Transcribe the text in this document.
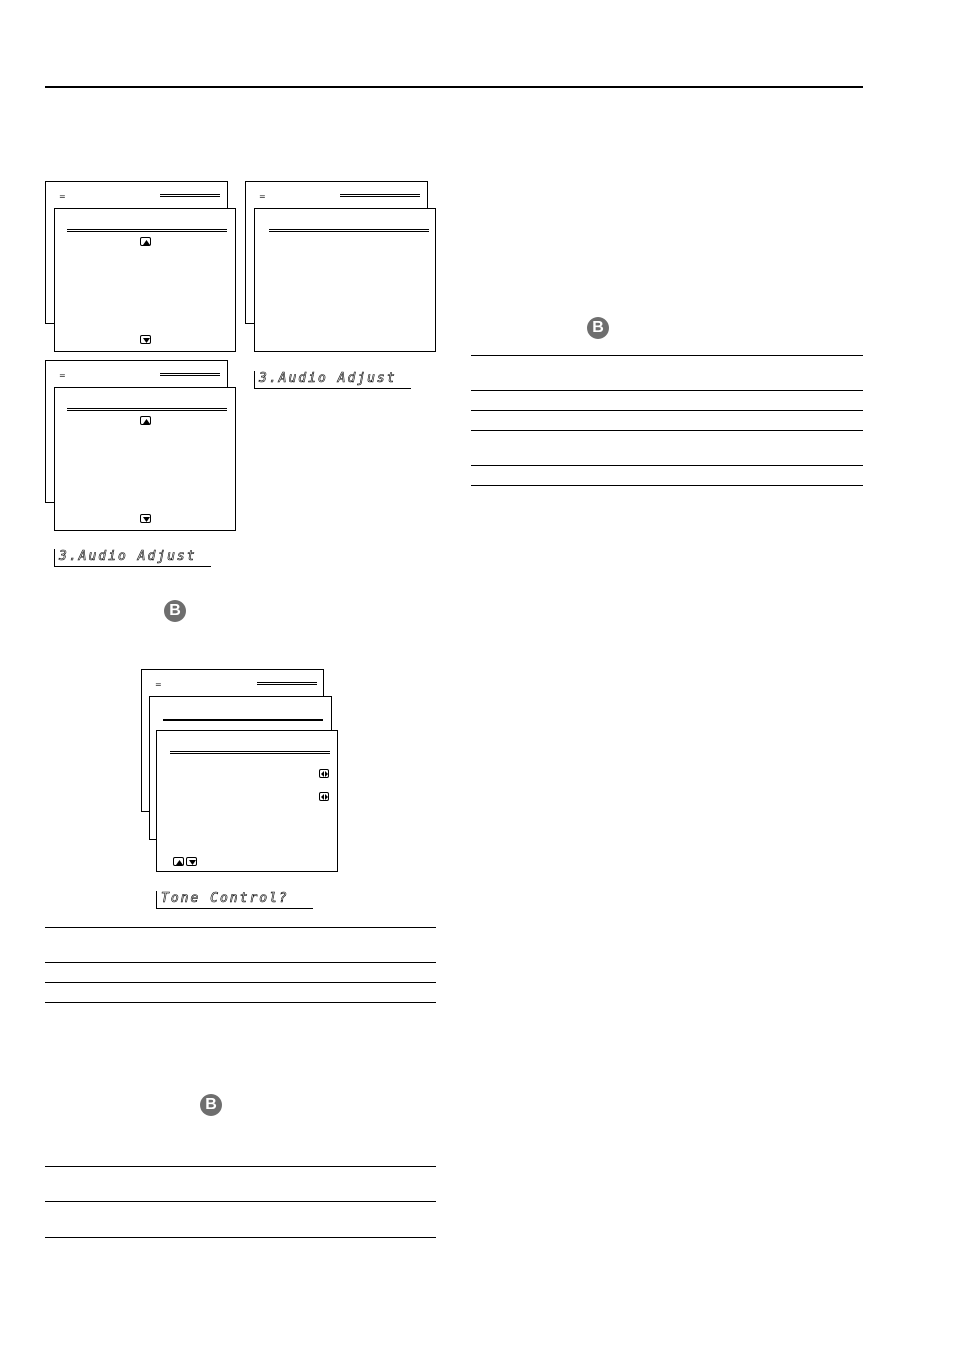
=	=
3.Audio Adjust
=
3.Audio Adjust
B
=
Tone Control?
B
B
